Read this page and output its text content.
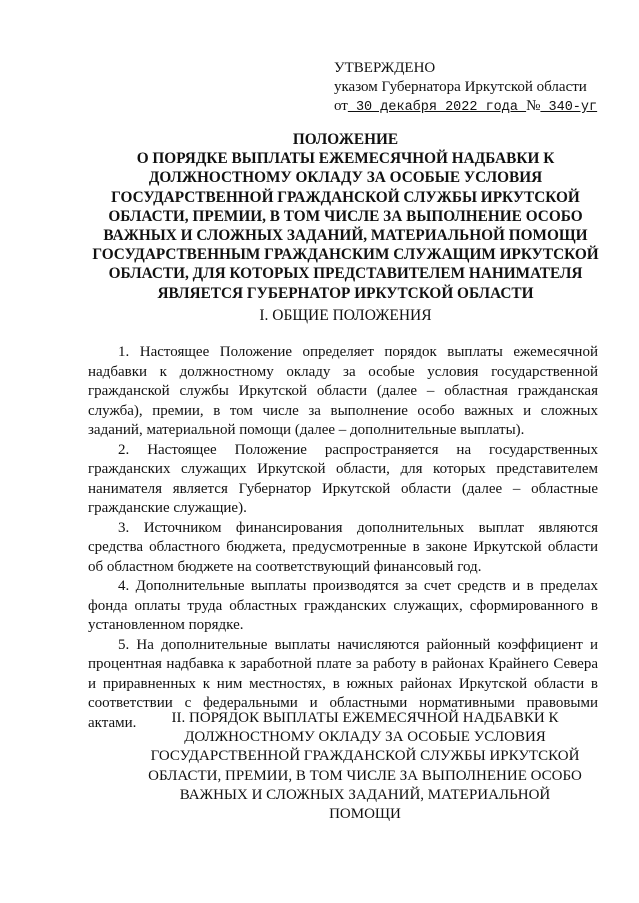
УТВЕРЖДЕНО
указом Губернатора Иркутской области
от 30 декабря 2022 года № 340-уг
ПОЛОЖЕНИЕ
О ПОРЯДКЕ ВЫПЛАТЫ ЕЖЕМЕСЯЧНОЙ НАДБАВКИ К
ДОЛЖНОСТНОМУ ОКЛАДУ ЗА ОСОБЫЕ УСЛОВИЯ
ГОСУДАРСТВЕННОЙ ГРАЖДАНСКОЙ СЛУЖБЫ ИРКУТСКОЙ
ОБЛАСТИ, ПРЕМИИ, В ТОМ ЧИСЛЕ ЗА ВЫПОЛНЕНИЕ ОСОБО
ВАЖНЫХ И СЛОЖНЫХ ЗАДАНИЙ, МАТЕРИАЛЬНОЙ ПОМОЩИ
ГОСУДАРСТВЕННЫМ ГРАЖДАНСКИМ СЛУЖАЩИМ ИРКУТСКОЙ
ОБЛАСТИ, ДЛЯ КОТОРЫХ ПРЕДСТАВИТЕЛЕМ НАНИМАТЕЛЯ
ЯВЛЯЕТСЯ ГУБЕРНАТОР ИРКУТСКОЙ ОБЛАСТИ
I. ОБЩИЕ ПОЛОЖЕНИЯ

1. Настоящее Положение определяет порядок выплаты ежемесячной надбавки к должностному окладу за особые условия государственной гражданской службы Иркутской области (далее – областная гражданская служба), премии, в том числе за выполнение особо важных и сложных заданий, материальной помощи (далее – дополнительные выплаты).

2. Настоящее Положение распространяется на государственных гражданских служащих Иркутской области, для которых представителем нанимателя является Губернатор Иркутской области (далее – областные гражданские служащие).

3. Источником финансирования дополнительных выплат являются средства областного бюджета, предусмотренные в законе Иркутской области об областном бюджете на соответствующий финансовый год.

4. Дополнительные выплаты производятся за счет средств и в пределах фонда оплаты труда областных гражданских служащих, сформированного в установленном порядке.

5. На дополнительные выплаты начисляются районный коэффициент и процентная надбавка к заработной плате за работу в районах Крайнего Севера и приравненных к ним местностях, в южных районах Иркутской области в соответствии с федеральными и областными нормативными правовыми актами.	II. ПОРЯДОК ВЫПЛАТЫ ЕЖЕМЕСЯЧНОЙ НАДБАВКИ К
ДОЛЖНОСТНОМУ ОКЛАДУ ЗА ОСОБЫЕ УСЛОВИЯ
ГОСУДАРСТВЕННОЙ ГРАЖДАНСКОЙ СЛУЖБЫ ИРКУТСКОЙ
ОБЛАСТИ, ПРЕМИИ, В ТОМ ЧИСЛЕ ЗА ВЫПОЛНЕНИЕ ОСОБО
ВАЖНЫХ И СЛОЖНЫХ ЗАДАНИЙ, МАТЕРИАЛЬНОЙ
ПОМОЩИ
